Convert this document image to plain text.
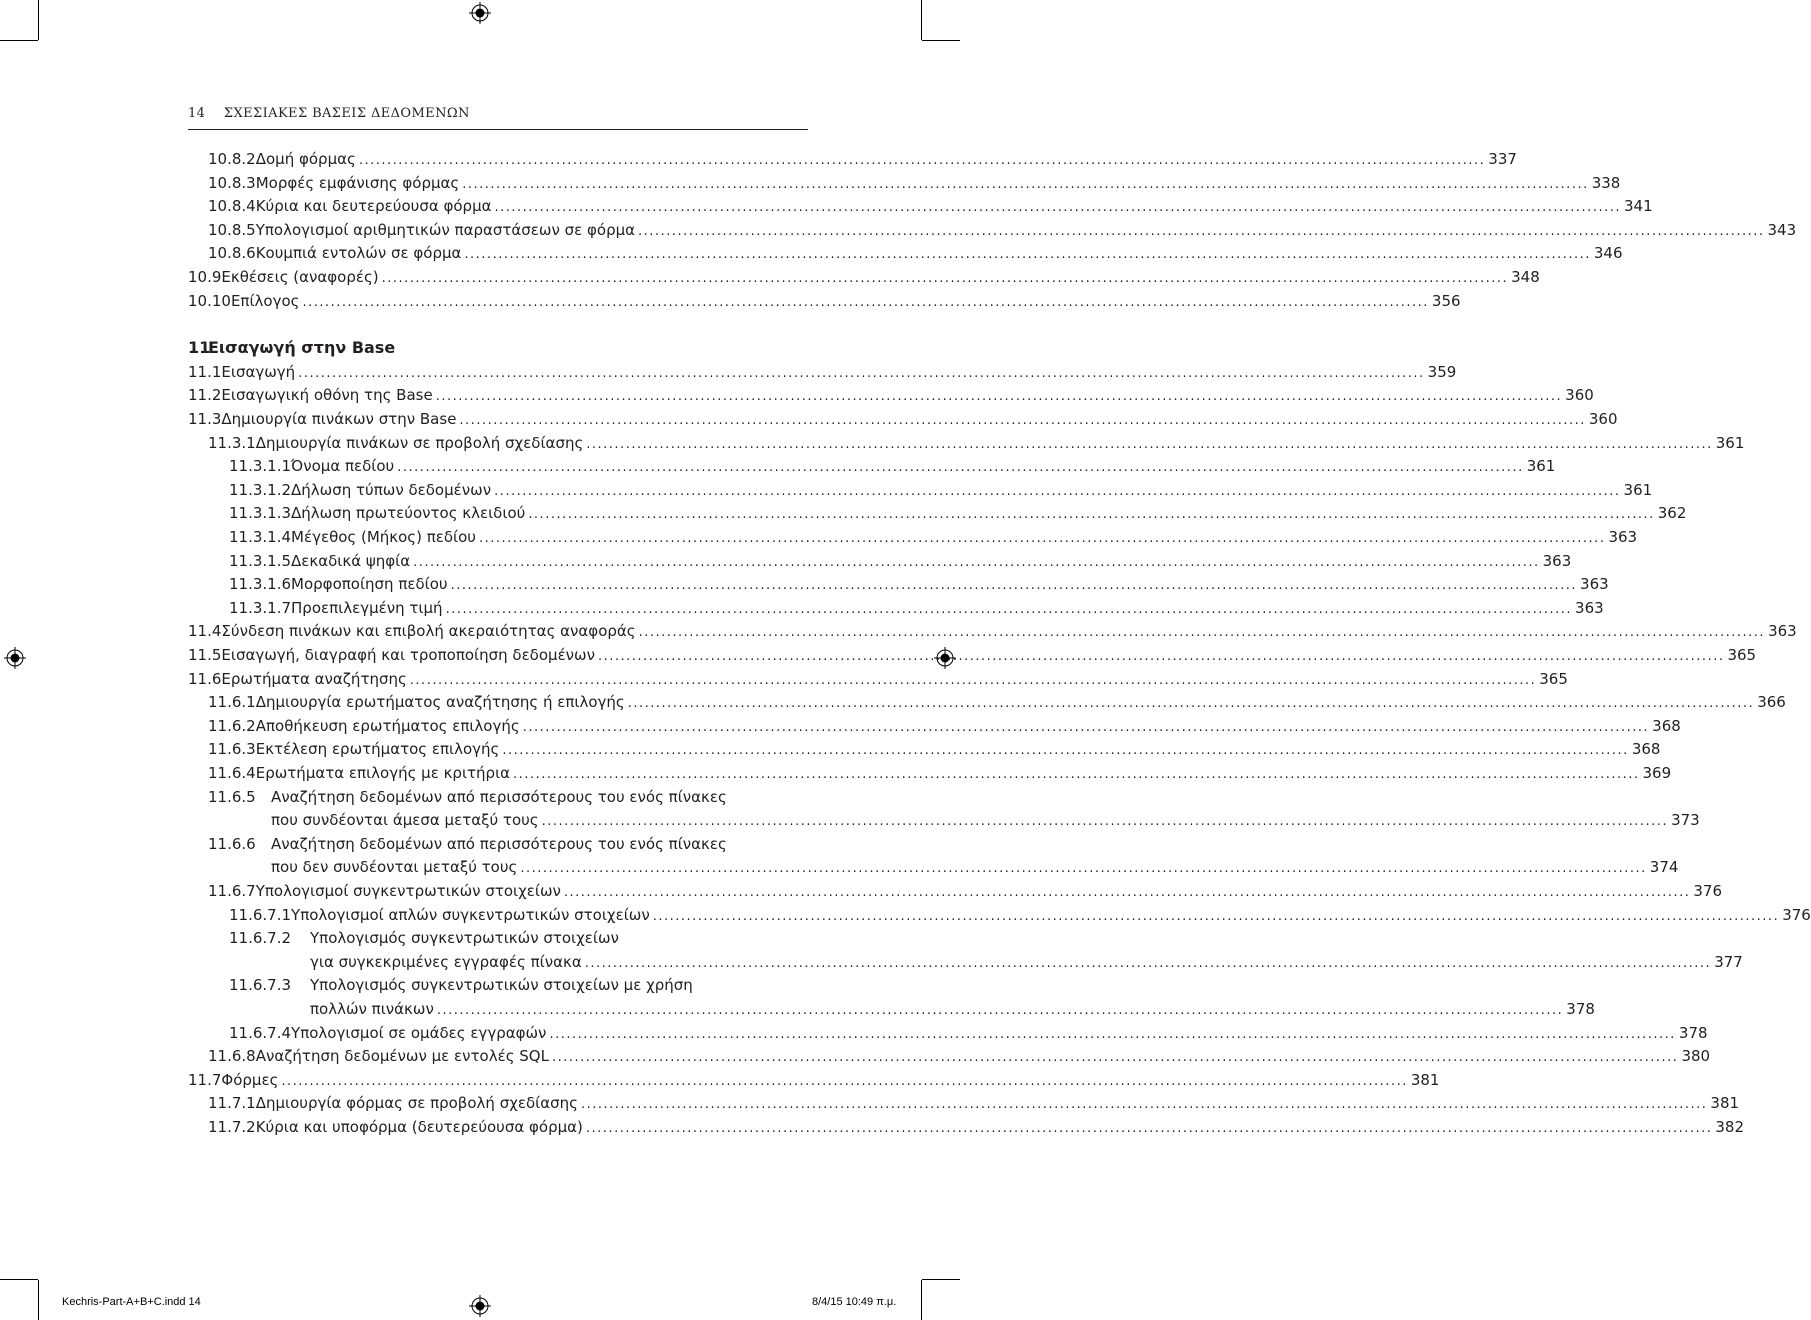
14 ΣΧΕΣΙΑΚΕΣ ΒΑΣΕΙΣ ΔΕΔΟΜΕΝΩΝ
10.8.2 Δομή φόρμας ........................................................................................................................................................................................................ 337
10.8.3 Μορφές εμφάνισης φόρμας ........................................................................................................................................................................................................ 338
10.8.4 Κύρια και δευτερεύουσα φόρμα ........................................................................................................................................................................................................ 341
10.8.5 Υπολογισμοί αριθμητικών παραστάσεων σε φόρμα ........................................................................................................................................................................................................ 343
10.8.6 Κουμπιά εντολών σε φόρμα ........................................................................................................................................................................................................ 346
10.9 Εκθέσεις (αναφορές) ........................................................................................................................................................................................................ 348
10.10 Επίλογος ........................................................................................................................................................................................................ 356
11
Εισαγωγή στην Base
11.1 Εισαγωγή ........................................................................................................................................................................................................ 359
11.2 Εισαγωγική οθόνη της Base ........................................................................................................................................................................................................ 360
11.3 Δημιουργία πινάκων στην Base ........................................................................................................................................................................................................ 360
11.3.1 Δημιουργία πινάκων σε προβολή σχεδίασης ........................................................................................................................................................................................................ 361
11.3.1.1 Όνομα πεδίου ........................................................................................................................................................................................................ 361
11.3.1.2 Δήλωση τύπων δεδομένων ........................................................................................................................................................................................................ 361
11.3.1.3 Δήλωση πρωτεύοντος κλειδιού ........................................................................................................................................................................................................ 362
11.3.1.4 Μέγεθος (Μήκος) πεδίου ........................................................................................................................................................................................................ 363
11.3.1.5 Δεκαδικά ψηφία ........................................................................................................................................................................................................ 363
11.3.1.6 Μορφοποίηση πεδίου ........................................................................................................................................................................................................ 363
11.3.1.7 Προεπιλεγμένη τιμή ........................................................................................................................................................................................................ 363
11.4 Σύνδεση πινάκων και επιβολή ακεραιότητας αναφοράς ........................................................................................................................................................................................................ 363
11.5 Εισαγωγή, διαγραφή και τροποποίηση δεδομένων ........................................................................................................................................................................................................ 365
11.6 Ερωτήματα αναζήτησης ........................................................................................................................................................................................................ 365
11.6.1 Δημιουργία ερωτήματος αναζήτησης ή επιλογής ........................................................................................................................................................................................................ 366
11.6.2 Αποθήκευση ερωτήματος επιλογής ........................................................................................................................................................................................................ 368
11.6.3 Εκτέλεση ερωτήματος επιλογής ........................................................................................................................................................................................................ 368
11.6.4 Ερωτήματα επιλογής με κριτήρια ........................................................................................................................................................................................................ 369
11.6.5	Αναζήτηση δεδομένων από περισσότερους του ενός πίνακες
που συνδέονται άμεσα μεταξύ τους ........................................................................................................................................................................................................ 373
11.6.6	Αναζήτηση δεδομένων από περισσότερους του ενός πίνακες
που δεν συνδέονται μεταξύ τους ........................................................................................................................................................................................................ 374
11.6.7 Υπολογισμοί συγκεντρωτικών στοιχείων ........................................................................................................................................................................................................ 376
11.6.7.1 Υπολογισμοί απλών συγκεντρωτικών στοιχείων ........................................................................................................................................................................................................ 376
11.6.7.2	Υπολογισμός συγκεντρωτικών στοιχείων
για συγκεκριμένες εγγραφές πίνακα ........................................................................................................................................................................................................ 377
11.6.7.3	Υπολογισμός συγκεντρωτικών στοιχείων με χρήση
πολλών πινάκων ........................................................................................................................................................................................................ 378
11.6.7.4 Υπολογισμοί σε ομάδες εγγραφών ........................................................................................................................................................................................................ 378
11.6.8 Αναζήτηση δεδομένων με εντολές SQL ........................................................................................................................................................................................................ 380
11.7 Φόρμες ........................................................................................................................................................................................................ 381
11.7.1 Δημιουργία φόρμας σε προβολή σχεδίασης ........................................................................................................................................................................................................ 381
11.7.2 Κύρια και υποφόρμα (δευτερεύουσα φόρμα) ........................................................................................................................................................................................................ 382
Kechris-Part-A+B+C.indd 14	8/4/15 10:49 π.μ.
